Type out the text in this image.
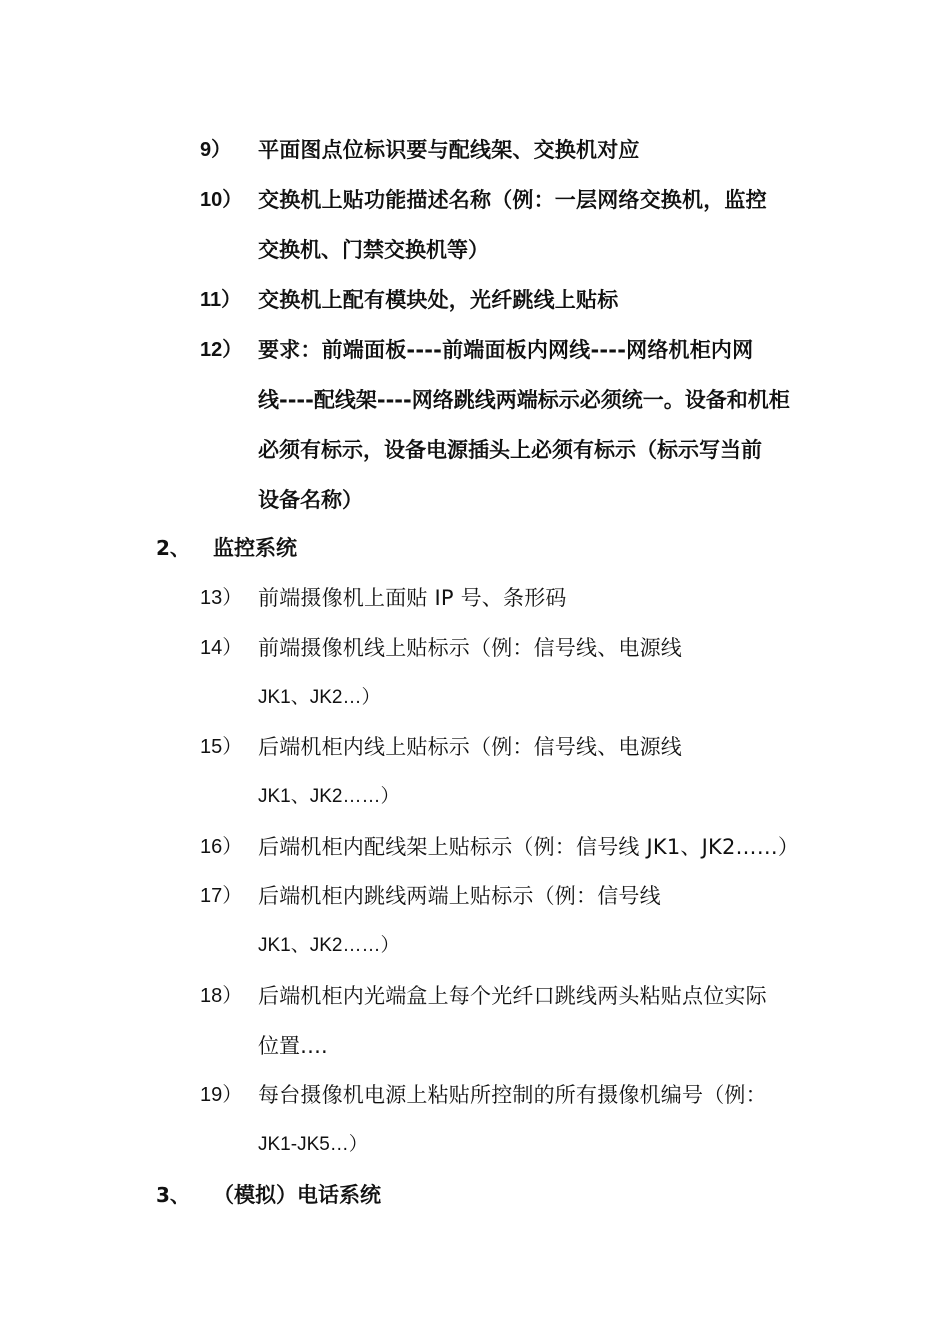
9）	平面图点位标识要与配线架、交换机对应
10） 交换机上贴功能描述名称（例：一层网络交换机，监控
交换机、门禁交换机等）
11） 交换机上配有模块处，光纤跳线上贴标
12） 要求：前端面板----前端面板内网线----网络机柜内网
线----配线架----网络跳线两端标示必须统一。设备和机柜
必须有标示，设备电源插头上必须有标示（标示写当前
设备名称）
2、	监控系统
13） 前端摄像机上面贴 IP 号、条形码
14） 前端摄像机线上贴标示（例：信号线、电源线
JK1、JK2…）
15） 后端机柜内线上贴标示（例：信号线、电源线
JK1、JK2……）
16） 后端机柜内配线架上贴标示（例：信号线 JK1、JK2……）
17） 后端机柜内跳线两端上贴标示（例：信号线
JK1、JK2……）
18） 后端机柜内光端盒上每个光纤口跳线两头粘贴点位实际
位置….
19） 每台摄像机电源上粘贴所控制的所有摄像机编号（例：
JK1-JK5…）
3、	（模拟）电话系统
